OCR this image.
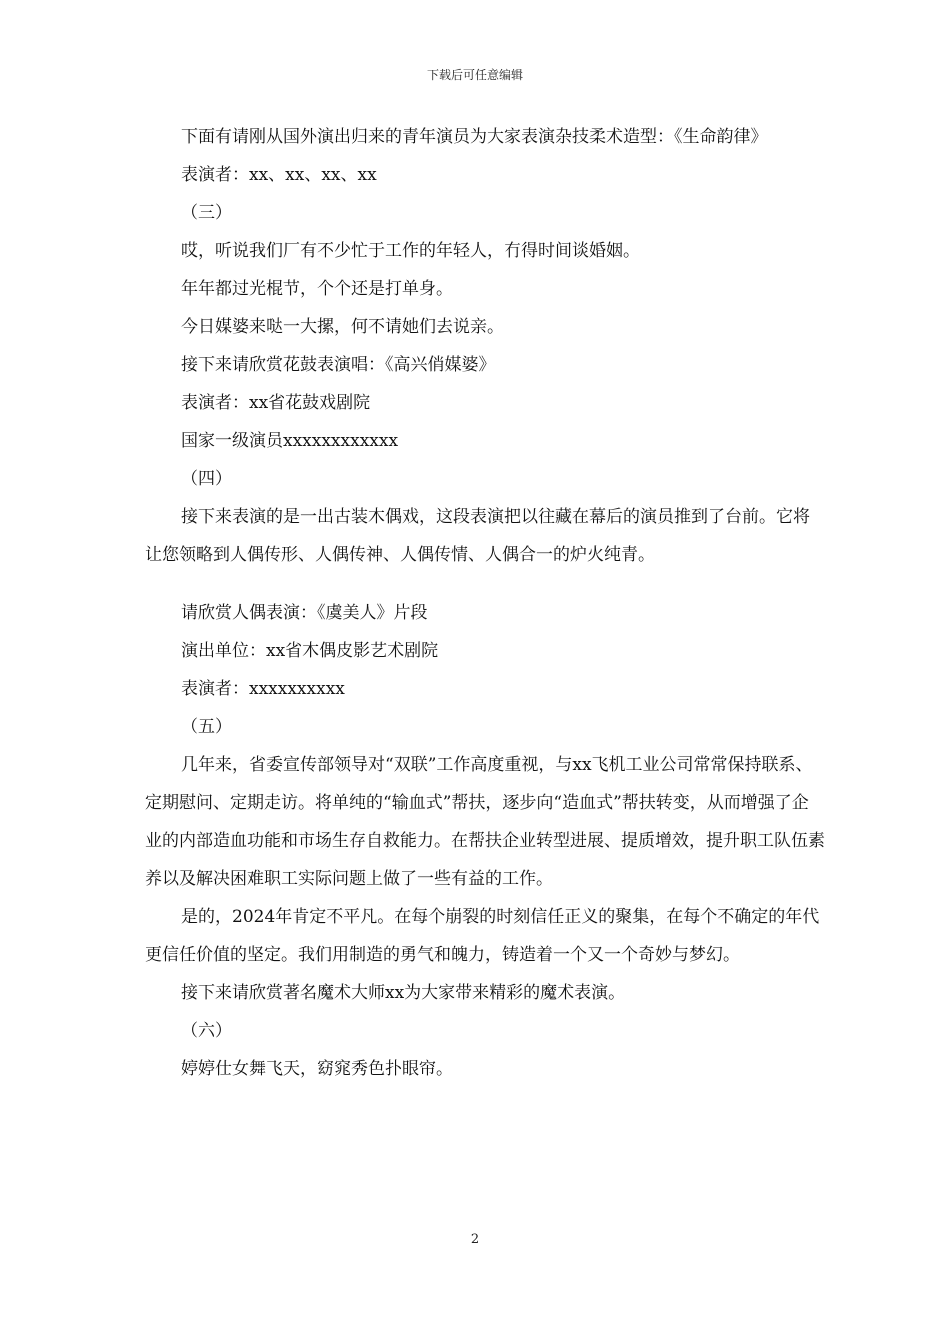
下载后可任意编辑

下面有请刚从国外演出归来的青年演员为大家表演杂技柔术造型：《生命韵律》

表演者：xx、xx、xx、xx

（三）

哎，听说我们厂有不少忙于工作的年轻人，冇得时间谈婚姻。

年年都过光棍节，个个还是打单身。

今日媒婆来哒一大摞，何不请她们去说亲。

接下来请欣赏花鼓表演唱：《高兴俏媒婆》

表演者：xx省花鼓戏剧院

国家一级演员xxxxxxxxxxxx

（四）

接下来表演的是一出古装木偶戏，这段表演把以往藏在幕后的演员推到了台前。它将让您领略到人偶传形、人偶传神、人偶传情、人偶合一的炉火纯青。

请欣赏人偶表演：《虞美人》片段

演出单位：xx省木偶皮影艺术剧院

表演者：xxxxxxxxxx

（五）

几年来，省委宣传部领导对“双联”工作高度重视，与xx飞机工业公司常常保持联系、定期慰问、定期走访。将单纯的“输血式”帮扶，逐步向“造血式”帮扶转变，从而增强了企业的内部造血功能和市场生存自救能力。在帮扶企业转型进展、提质增效，提升职工队伍素养以及解决困难职工实际问题上做了一些有益的工作。

是的，2024年肯定不平凡。在每个崩裂的时刻信任正义的聚集，在每个不确定的年代更信任价值的坚定。我们用制造的勇气和魄力，铸造着一个又一个奇妙与梦幻。

接下来请欣赏著名魔术大师xx为大家带来精彩的魔术表演。

（六）

婷婷仕女舞飞天，窈窕秀色扑眼帘。

2
